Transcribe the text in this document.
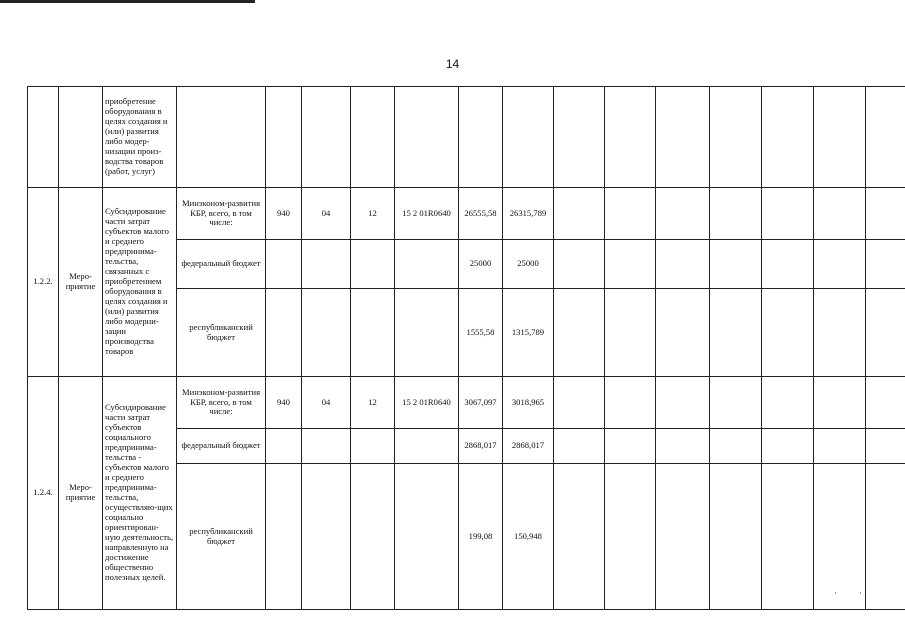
14
		приобретение оборудования в целях создания и (или) развития либо модер-низации произ-водства товаров (работ, услуг)														
1.2.2.	Меро-приятие	Субсидирование части затрат субъектов малого и среднего предпринима-тельства, связанных с приобретением оборудования в целях создания и (или) развития либо модерни-зации производства товаров	Минэконом-развития КБР, всего, в том числе:	940	04	12	15 2 01R0640	26555,58	26315,789							
			федеральный бюджет					25000	25000							
			республиканский бюджет					1555,58	1315,789							
1.2.4.	Меро-приятие	Субсидирование части затрат субъектов социального предпринима-тельства - субъектов малого и среднего предпринима-тельства, осуществляю-щих социально ориентирован-ную деятельность, направленную на достижение общественно полезных целей.	Минэконом-развития КБР, всего, в том числе:	940	04	12	15 2 01R0640	3067,097	3018,965							
			федеральный бюджет					2868,017	2868,017							
			республиканский бюджет					199,08	150,948							
··
